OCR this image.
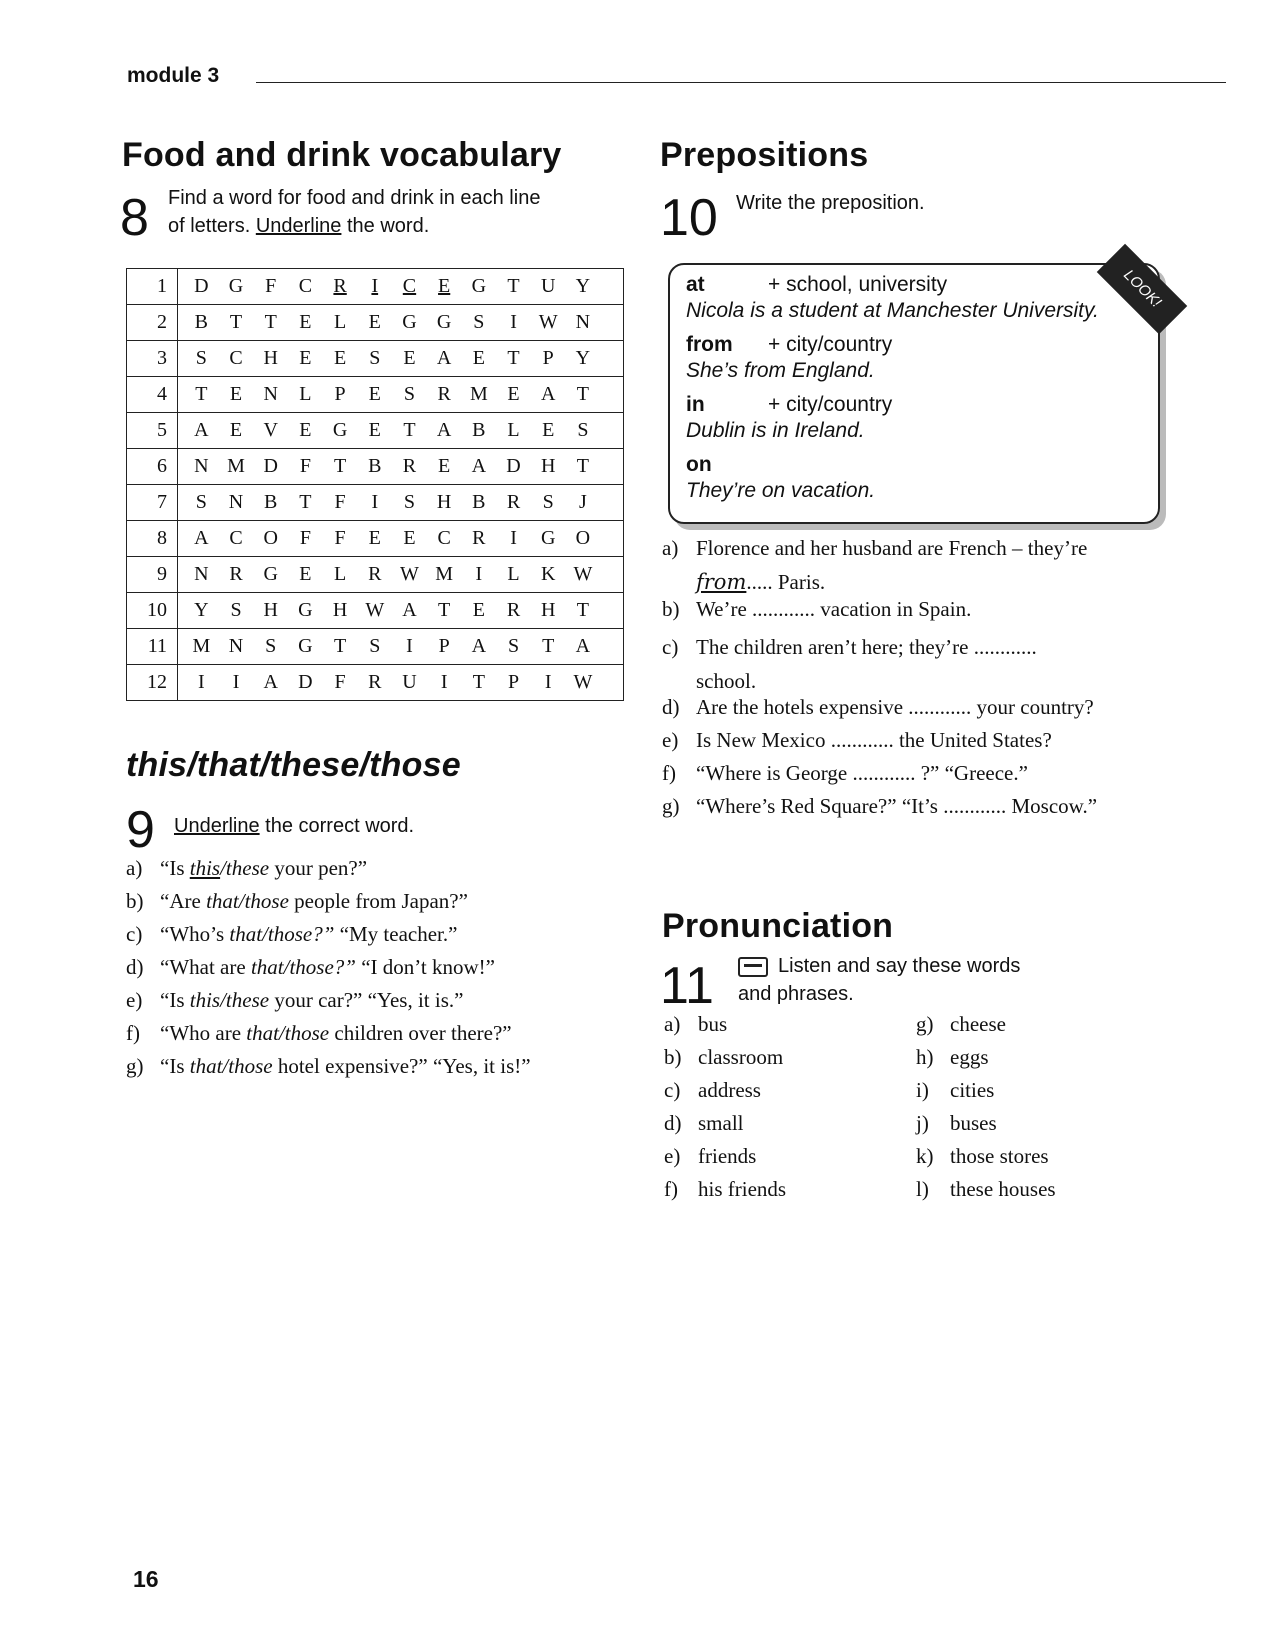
module 3
Food and drink vocabulary
8 Find a word for food and drink in each line
of letters. Underline the word.
1	D G F C R I C E G T U Y
2	B T T E L E G G S I W N
3	S C H E E S E A E T P Y
4	T E N L P E S R M E A T
5	A E V E G E T A B L E S
6	N M D F T B R E A D H T
7	S N B T F I S H B R S J
8	A C O F F E E C R I G O
9	N R G E L R W M I L K W
10	Y S H G H W A T E R H T
11	M N S G T S I P A S T A
12	I I A D F R U I T P I W
this/that/these/those
9 Underline the correct word.
a) “Is this/these your pen?”
b) “Are that/those people from Japan?”
c) “Who’s that/those?” “My teacher.”
d) “What are that/those?” “I don’t know!”
e) “Is this/these your car?” “Yes, it is.”
f) “Who are that/those children over there?”
g) “Is that/those hotel expensive?” “Yes, it is!”
Prepositions
10 Write the preposition.
LOOK!
at	+ school, university
Nicola is a student at Manchester University.
from + city/country
She’s from England.
in	+ city/country
Dublin is in Ireland.
on
They’re on vacation.
a) Florence and her husband are French – they’re
from..... Paris.
b) We’re ............ vacation in Spain.
c) The children aren’t here; they’re ............
school.
d) Are the hotels expensive ............ your country?
e) Is New Mexico ............ the United States?
f) “Where is George ............ ?” “Greece.”
g) “Where’s Red Square?” “It’s ............ Moscow.”
Pronunciation
11	Listen and say these words
and phrases.
a) bus
b) classroom
c) address
d) small
e) friends
f) his friends
g) cheese
h) eggs
i) cities
j) buses
k) those stores
l) these houses
16
